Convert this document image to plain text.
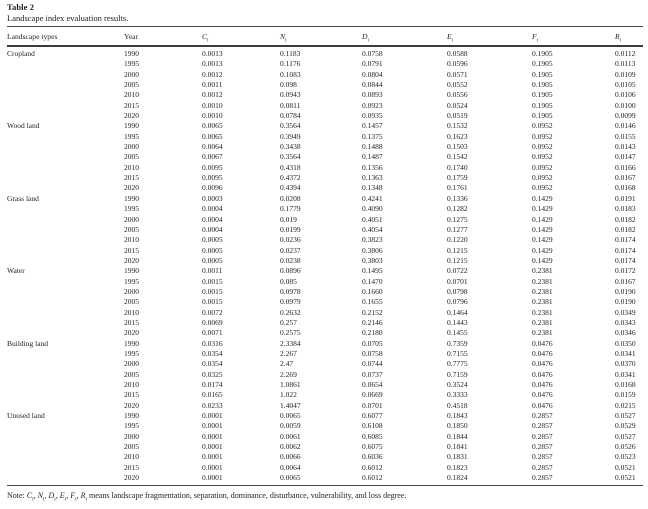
Table 2
Landscape index evaluation results.
Landscape types	Year	$C_i$	$N_i$	$D_i$	$E_i$	$F_i$	$R_i$
Cropland	1990	0.0013	0.1183	0.0758	0.0588	0.1905	0.0112
	1995	0.0013	0.1176	0.0791	0.0596	0.1905	0.0113
	2000	0.0012	0.1083	0.0804	0.0571	0.1905	0.0109
	2005	0.0011	0.098	0.0844	0.0552	0.1905	0.0105
	2010	0.0012	0.0943	0.0893	0.0556	0.1905	0.0106
	2015	0.0010	0.0811	0.0923	0.0524	0.1905	0.0100
	2020	0.0010	0.0784	0.0935	0.0519	0.1905	0.0099
Wood land	1990	0.0065	0.3564	0.1457	0.1532	0.0952	0.0146
	1995	0.0065	0.3949	0.1375	0.1623	0.0952	0.0155
	2000	0.0064	0.3438	0.1488	0.1503	0.0952	0.0143
	2005	0.0067	0.3564	0.1487	0.1542	0.0952	0.0147
	2010	0.0095	0.4318	0.1356	0.1740	0.0952	0.0166
	2015	0.0095	0.4372	0.1363	0.1759	0.0952	0.0167
	2020	0.0096	0.4394	0.1348	0.1761	0.0952	0.0168
Grass land	1990	0.0003	0.0208	0.4241	0.1336	0.1429	0.0191
	1995	0.0004	0.1779	0.4090	0.1282	0.1429	0.0183
	2000	0.0004	0.019	0.4051	0.1275	0.1429	0.0182
	2005	0.0004	0.0199	0.4054	0.1277	0.1429	0.0182
	2010	0.0005	0.0236	0.3823	0.1220	0.1429	0.0174
	2015	0.0005	0.0237	0.3806	0.1215	0.1429	0.0174
	2020	0.0005	0.0238	0.3803	0.1215	0.1429	0.0174
Water	1990	0.0011	0.0896	0.1495	0.0722	0.2381	0.0172
	1995	0.0015	0.085	0.1470	0.0701	0.2381	0.0167
	2000	0.0015	0.0978	0.1660	0.0798	0.2381	0.0190
	2005	0.0015	0.0979	0.1655	0.0796	0.2381	0.0190
	2010	0.0072	0.2632	0.2152	0.1464	0.2381	0.0349
	2015	0.0069	0.257	0.2146	0.1443	0.2381	0.0343
	2020	0.0071	0.2575	0.2180	0.1455	0.2381	0.0346
Building land	1990	0.0316	2.3384	0.0705	0.7359	0.0476	0.0350
	1995	0.0354	2.267	0.0758	0.7155	0.0476	0.0341
	2000	0.0354	2.47	0.0744	0.7775	0.0476	0.0370
	2005	0.0325	2.269	0.0737	0.7159	0.0476	0.0341
	2010	0.0174	1.0861	0.0654	0.3524	0.0476	0.0168
	2015	0.0165	1.022	0.0669	0.3333	0.0476	0.0159
	2020	0.0233	1.4047	0.0701	0.4518	0.0476	0.0215
Unused land	1990	0.0001	0.0065	0.6077	0.1843	0.2857	0.0527
	1995	0.0001	0.0059	0.6108	0.1850	0.2857	0.0529
	2000	0.0001	0.0061	0.6085	0.1844	0.2857	0.0527
	2005	0.0001	0.0062	0.6075	0.1841	0.2857	0.0526
	2010	0.0001	0.0066	0.6036	0.1831	0.2857	0.0523
	2015	0.0001	0.0064	0.6012	0.1823	0.2857	0.0521
	2020	0.0001	0.0065	0.6012	0.1824	0.2857	0.0521
Note: $C_i$, $N_i$, $D_i$, $E_i$, $F_i$, $R_i$ means landscape fragmentation, separation, dominance, disturbance, vulnerability, and loss degree.
